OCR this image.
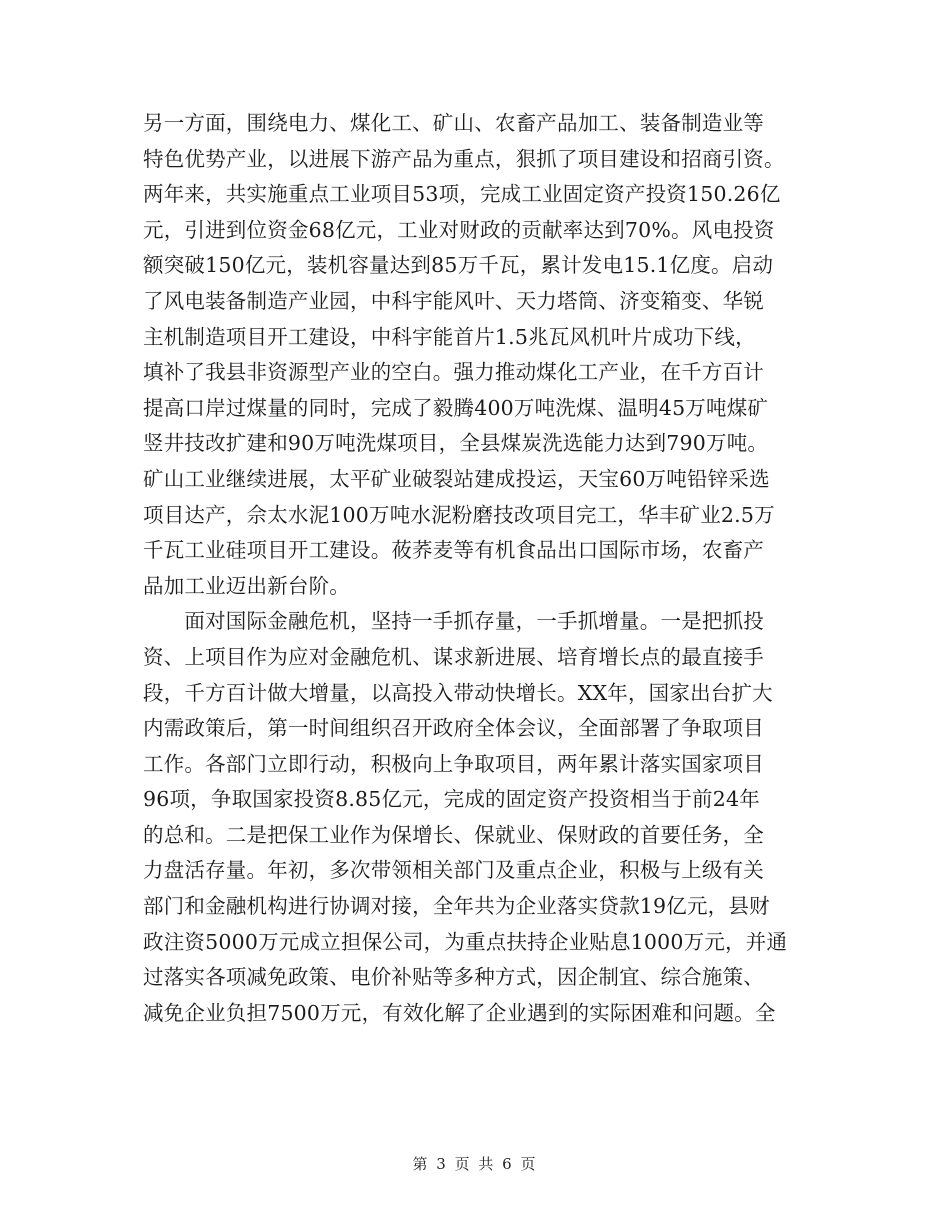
另一方面，围绕电力、煤化工、矿山、农畜产品加工、装备制造业等
特色优势产业，以进展下游产品为重点，狠抓了项目建设和招商引资。
两年来，共实施重点工业项目53项，完成工业固定资产投资150.26亿
元，引进到位资金68亿元，工业对财政的贡献率达到70%。风电投资
额突破150亿元，装机容量达到85万千瓦，累计发电15.1亿度。启动
了风电装备制造产业园，中科宇能风叶、天力塔筒、济变箱变、华锐
主机制造项目开工建设，中科宇能首片1.5兆瓦风机叶片成功下线，
填补了我县非资源型产业的空白。强力推动煤化工产业，在千方百计
提高口岸过煤量的同时，完成了毅腾400万吨洗煤、温明45万吨煤矿
竖井技改扩建和90万吨洗煤项目，全县煤炭洗选能力达到790万吨。
矿山工业继续进展，太平矿业破裂站建成投运，天宝60万吨铅锌采选
项目达产，佘太水泥100万吨水泥粉磨技改项目完工，华丰矿业2.5万
千瓦工业硅项目开工建设。莜荞麦等有机食品出口国际市场，农畜产
品加工业迈出新台阶。
　　面对国际金融危机，坚持一手抓存量，一手抓增量。一是把抓投
资、上项目作为应对金融危机、谋求新进展、培育增长点的最直接手
段，千方百计做大增量，以高投入带动快增长。XX年，国家出台扩大
内需政策后，第一时间组织召开政府全体会议，全面部署了争取项目
工作。各部门立即行动，积极向上争取项目，两年累计落实国家项目
96项，争取国家投资8.85亿元，完成的固定资产投资相当于前24年
的总和。二是把保工业作为保增长、保就业、保财政的首要任务，全
力盘活存量。年初，多次带领相关部门及重点企业，积极与上级有关
部门和金融机构进行协调对接，全年共为企业落实贷款19亿元，县财
政注资5000万元成立担保公司，为重点扶持企业贴息1000万元，并通
过落实各项减免政策、电价补贴等多种方式，因企制宜、综合施策、
减免企业负担7500万元，有效化解了企业遇到的实际困难和问题。全
第 3 页 共 6 页
